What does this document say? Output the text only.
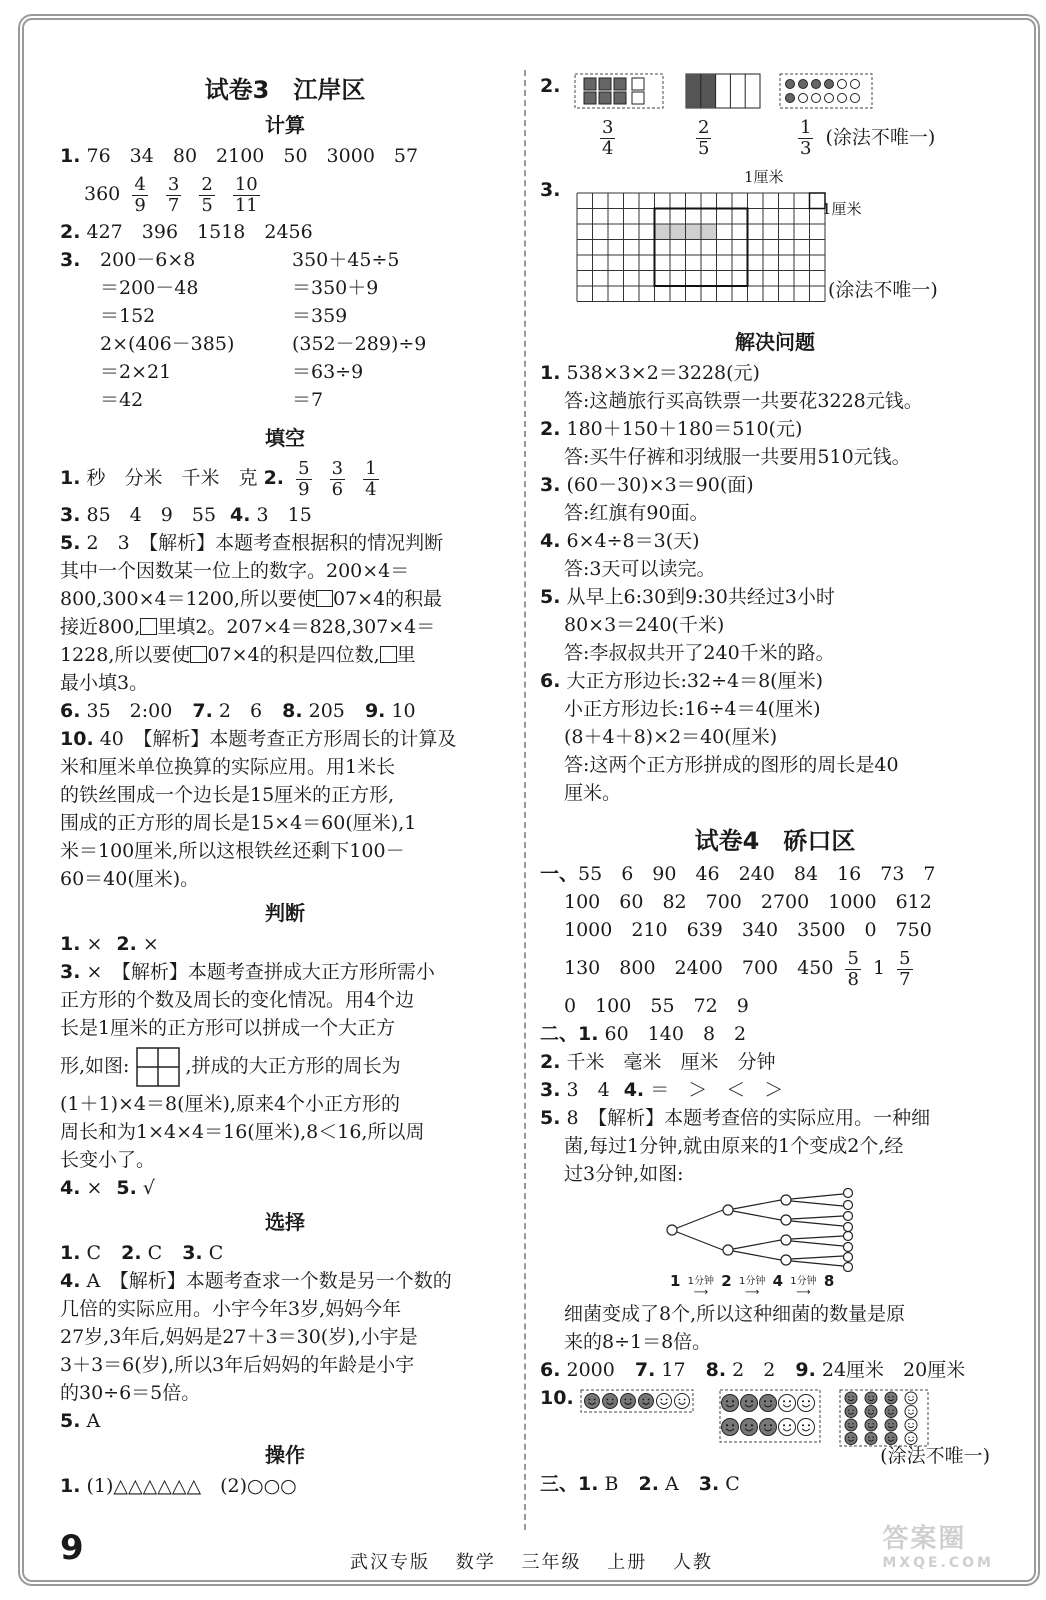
试卷3　江岸区
计算
1. 76　34　80　2100　50　3000　57
$360 \frac{4}{9}$
$\frac{3}{7}$
$\frac{2}{5}$
$\frac{10}{11}$
2. 427　396　1518　2456
3. 200－6×8
＝200－48
＝152
2×(406－385)
＝2×21
＝42
350＋45÷5
＝350＋9
＝359
(352－289)÷9
＝63÷9
＝7
填空
1. 秒　分米　千米　克 2. $\frac{5}{9}$
$\frac{3}{6}$
$\frac{1}{4}$
3. 85　4　9　55 4. 3　15
5. 2　3　【解析】本题考查根据积的情况判断
其中一个因数某一位上的数字。200×4＝
800,300×4＝1200,所以要使 07×4的积最
接近800, 里填2。207×4＝828,307×4＝
1228,所以要使 07×4的积是四位数, 里
最小填3。
6. 35　2:00 7. 2　6 8. 205 9. 10
10. 40　【解析】本题考查正方形周长的计算及
米和厘米单位换算的实际应用。用1米长
的铁丝围成一个边长是15厘米的正方形,
围成的正方形的周长是15×4＝60(厘米),1
米＝100厘米,所以这根铁丝还剩下100－
60＝40(厘米)。
判断
1. × 2. ×
3. ×　【解析】本题考查拼成大正方形所需小
正方形的个数及周长的变化情况。用4个边
长是1厘米的正方形可以拼成一个大正方
形,如图:	,拼成的大正方形的周长为
(1＋1)×4＝8(厘米),原来4个小正方形的
周长和为1×4×4＝16(厘米),8＜16,所以周
长变小了。
4. × 5. √
选择
1. C 2. C 3. C
4. A　【解析】本题考查求一个数是另一个数的
几倍的实际应用。小宇今年3岁,妈妈今年
27岁,3年后,妈妈是27＋3＝30(岁),小宇是
3＋3＝6(岁),所以3年后妈妈的年龄是小宇
的30÷6＝5倍。
5. A
操作
1. (1)△△△△△△　(2)○○○
2.
$\frac{3}{4}$	$\frac{2}{5}$	$\frac{1}{3}$ (涂法不唯一)
3.
1厘米
1厘米
(涂法不唯一)
解决问题
1. 538×3×2＝3228(元)
答:这趟旅行买高铁票一共要花3228元钱。
2. 180＋150＋180＝510(元)
答:买牛仔裤和羽绒服一共要用510元钱。
3. (60－30)×3＝90(面)
答:红旗有90面。
4. 6×4÷8＝3(天)
答:3天可以读完。
5. 从早上6:30到9:30共经过3小时
80×3＝240(千米)
答:李叔叔共开了240千米的路。
6. 大正方形边长:32÷4＝8(厘米)
小正方形边长:16÷4＝4(厘米)
(8＋4＋8)×2＝40(厘米)
答:这两个正方形拼成的图形的周长是40
厘米。
试卷4　硚口区
一、55　6　90　46　240　84　16　73　7
100　60　82　700　2700　1000　612
1000　210　639　340　3500　0　750
130　800　2400　700　$450 \frac{5}{8} 1 \frac{5}{7}$
0　100　55　72　9
二、1. 60　140　8　2
2. 千米　毫米　厘米　分钟
3. 3　4 4. ＝　＞　＜　＞
5. 8　【解析】本题考查倍的实际应用。一种细
菌,每过1分钟,就由原来的1个变成2个,经
过3分钟,如图:
1 1分钟
⟶
2 1分钟
⟶
4 1分钟
⟶
8
细菌变成了8个,所以这种细菌的数量是原
来的8÷1＝8倍。
6. 2000 7. 17 8. 2　2 9. 24厘米　20厘米
10.
(涂法不唯一)
三、1. B 2. A 3. C
9	武汉专版 数学 三年级 上册 人教
答案圈
MXQE.COM
